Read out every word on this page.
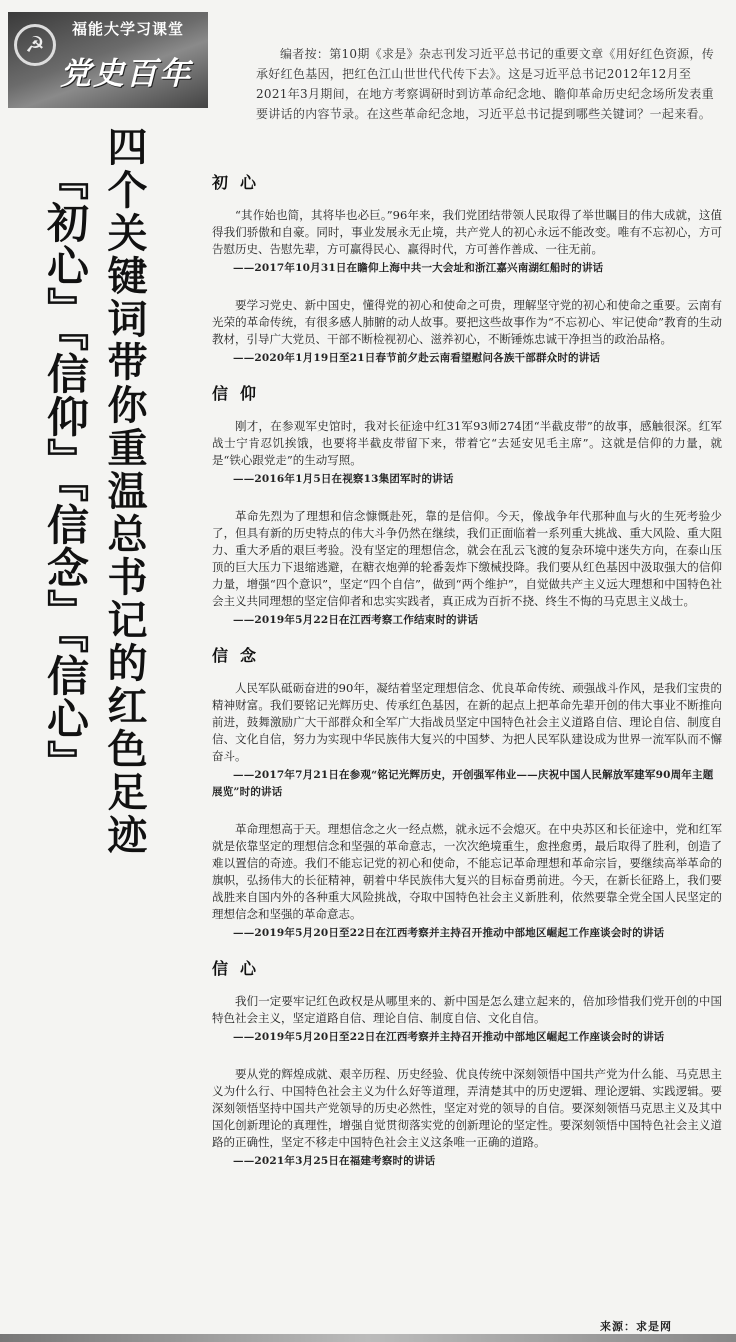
☭
福能大学习课堂
党史百年
编者按：第10期《求是》杂志刊发习近平总书记的重要文章《用好红色资源，传承好红色基因，把红色江山世世代代传下去》。这是习近平总书记2012年12月至2021年3月期间，在地方考察调研时到访革命纪念地、瞻仰革命历史纪念场所发表重要讲话的内容节录。在这些革命纪念地，习近平总书记提到哪些关键词？一起来看。
四个关键词带你重温总书记的红色足迹
『初心』『信仰』『信念』『信心』	初心

“其作始也简，其将毕也必巨。”96年来，我们党团结带领人民取得了举世瞩目的伟大成就，这值得我们骄傲和自豪。同时，事业发展永无止境，共产党人的初心永远不能改变。唯有不忘初心，方可告慰历史、告慰先辈，方可赢得民心、赢得时代，方可善作善成、一往无前。

——2017年10月31日在瞻仰上海中共一大会址和浙江嘉兴南湖红船时的讲话

要学习党史、新中国史，懂得党的初心和使命之可贵，理解坚守党的初心和使命之重要。云南有光荣的革命传统，有很多感人肺腑的动人故事。要把这些故事作为“不忘初心、牢记使命”教育的生动教材，引导广大党员、干部不断检视初心、滋养初心，不断锤炼忠诚干净担当的政治品格。

——2020年1月19日至21日春节前夕赴云南看望慰问各族干部群众时的讲话

信仰

刚才，在参观军史馆时，我对长征途中红31军93师274团“半截皮带”的故事，感触很深。红军战士宁肯忍饥挨饿，也要将半截皮带留下来，带着它“去延安见毛主席”。这就是信仰的力量，就是“铁心跟党走”的生动写照。

——2016年1月5日在视察13集团军时的讲话

革命先烈为了理想和信念慷慨赴死，靠的是信仰。今天，像战争年代那种血与火的生死考验少了，但具有新的历史特点的伟大斗争仍然在继续，我们正面临着一系列重大挑战、重大风险、重大阻力、重大矛盾的艰巨考验。没有坚定的理想信念，就会在乱云飞渡的复杂环境中迷失方向，在泰山压顶的巨大压力下退缩逃避，在糖衣炮弹的轮番轰炸下缴械投降。我们要从红色基因中汲取强大的信仰力量，增强“四个意识”，坚定“四个自信”，做到“两个维护”，自觉做共产主义远大理想和中国特色社会主义共同理想的坚定信仰者和忠实实践者，真正成为百折不挠、终生不悔的马克思主义战士。

——2019年5月22日在江西考察工作结束时的讲话

信念

人民军队砥砺奋进的90年，凝结着坚定理想信念、优良革命传统、顽强战斗作风，是我们宝贵的精神财富。我们要铭记光辉历史、传承红色基因，在新的起点上把革命先辈开创的伟大事业不断推向前进，鼓舞激励广大干部群众和全军广大指战员坚定中国特色社会主义道路自信、理论自信、制度自信、文化自信，努力为实现中华民族伟大复兴的中国梦、为把人民军队建设成为世界一流军队而不懈奋斗。

——2017年7月21日在参观“铭记光辉历史，开创强军伟业——庆祝中国人民解放军建军90周年主题展览”时的讲话

革命理想高于天。理想信念之火一经点燃，就永远不会熄灭。在中央苏区和长征途中，党和红军就是依靠坚定的理想信念和坚强的革命意志，一次次绝境重生，愈挫愈勇，最后取得了胜利，创造了难以置信的奇迹。我们不能忘记党的初心和使命，不能忘记革命理想和革命宗旨，要继续高举革命的旗帜，弘扬伟大的长征精神，朝着中华民族伟大复兴的目标奋勇前进。今天，在新长征路上，我们要战胜来自国内外的各种重大风险挑战，夺取中国特色社会主义新胜利，依然要靠全党全国人民坚定的理想信念和坚强的革命意志。

——2019年5月20日至22日在江西考察并主持召开推动中部地区崛起工作座谈会时的讲话

信心

我们一定要牢记红色政权是从哪里来的、新中国是怎么建立起来的，倍加珍惜我们党开创的中国特色社会主义，坚定道路自信、理论自信、制度自信、文化自信。

——2019年5月20日至22日在江西考察并主持召开推动中部地区崛起工作座谈会时的讲话

要从党的辉煌成就、艰辛历程、历史经验、优良传统中深刻领悟中国共产党为什么能、马克思主义为什么行、中国特色社会主义为什么好等道理，弄清楚其中的历史逻辑、理论逻辑、实践逻辑。要深刻领悟坚持中国共产党领导的历史必然性，坚定对党的领导的自信。要深刻领悟马克思主义及其中国化创新理论的真理性，增强自觉贯彻落实党的创新理论的坚定性。要深刻领悟中国特色社会主义道路的正确性，坚定不移走中国特色社会主义这条唯一正确的道路。

——2021年3月25日在福建考察时的讲话

来源：求是网
